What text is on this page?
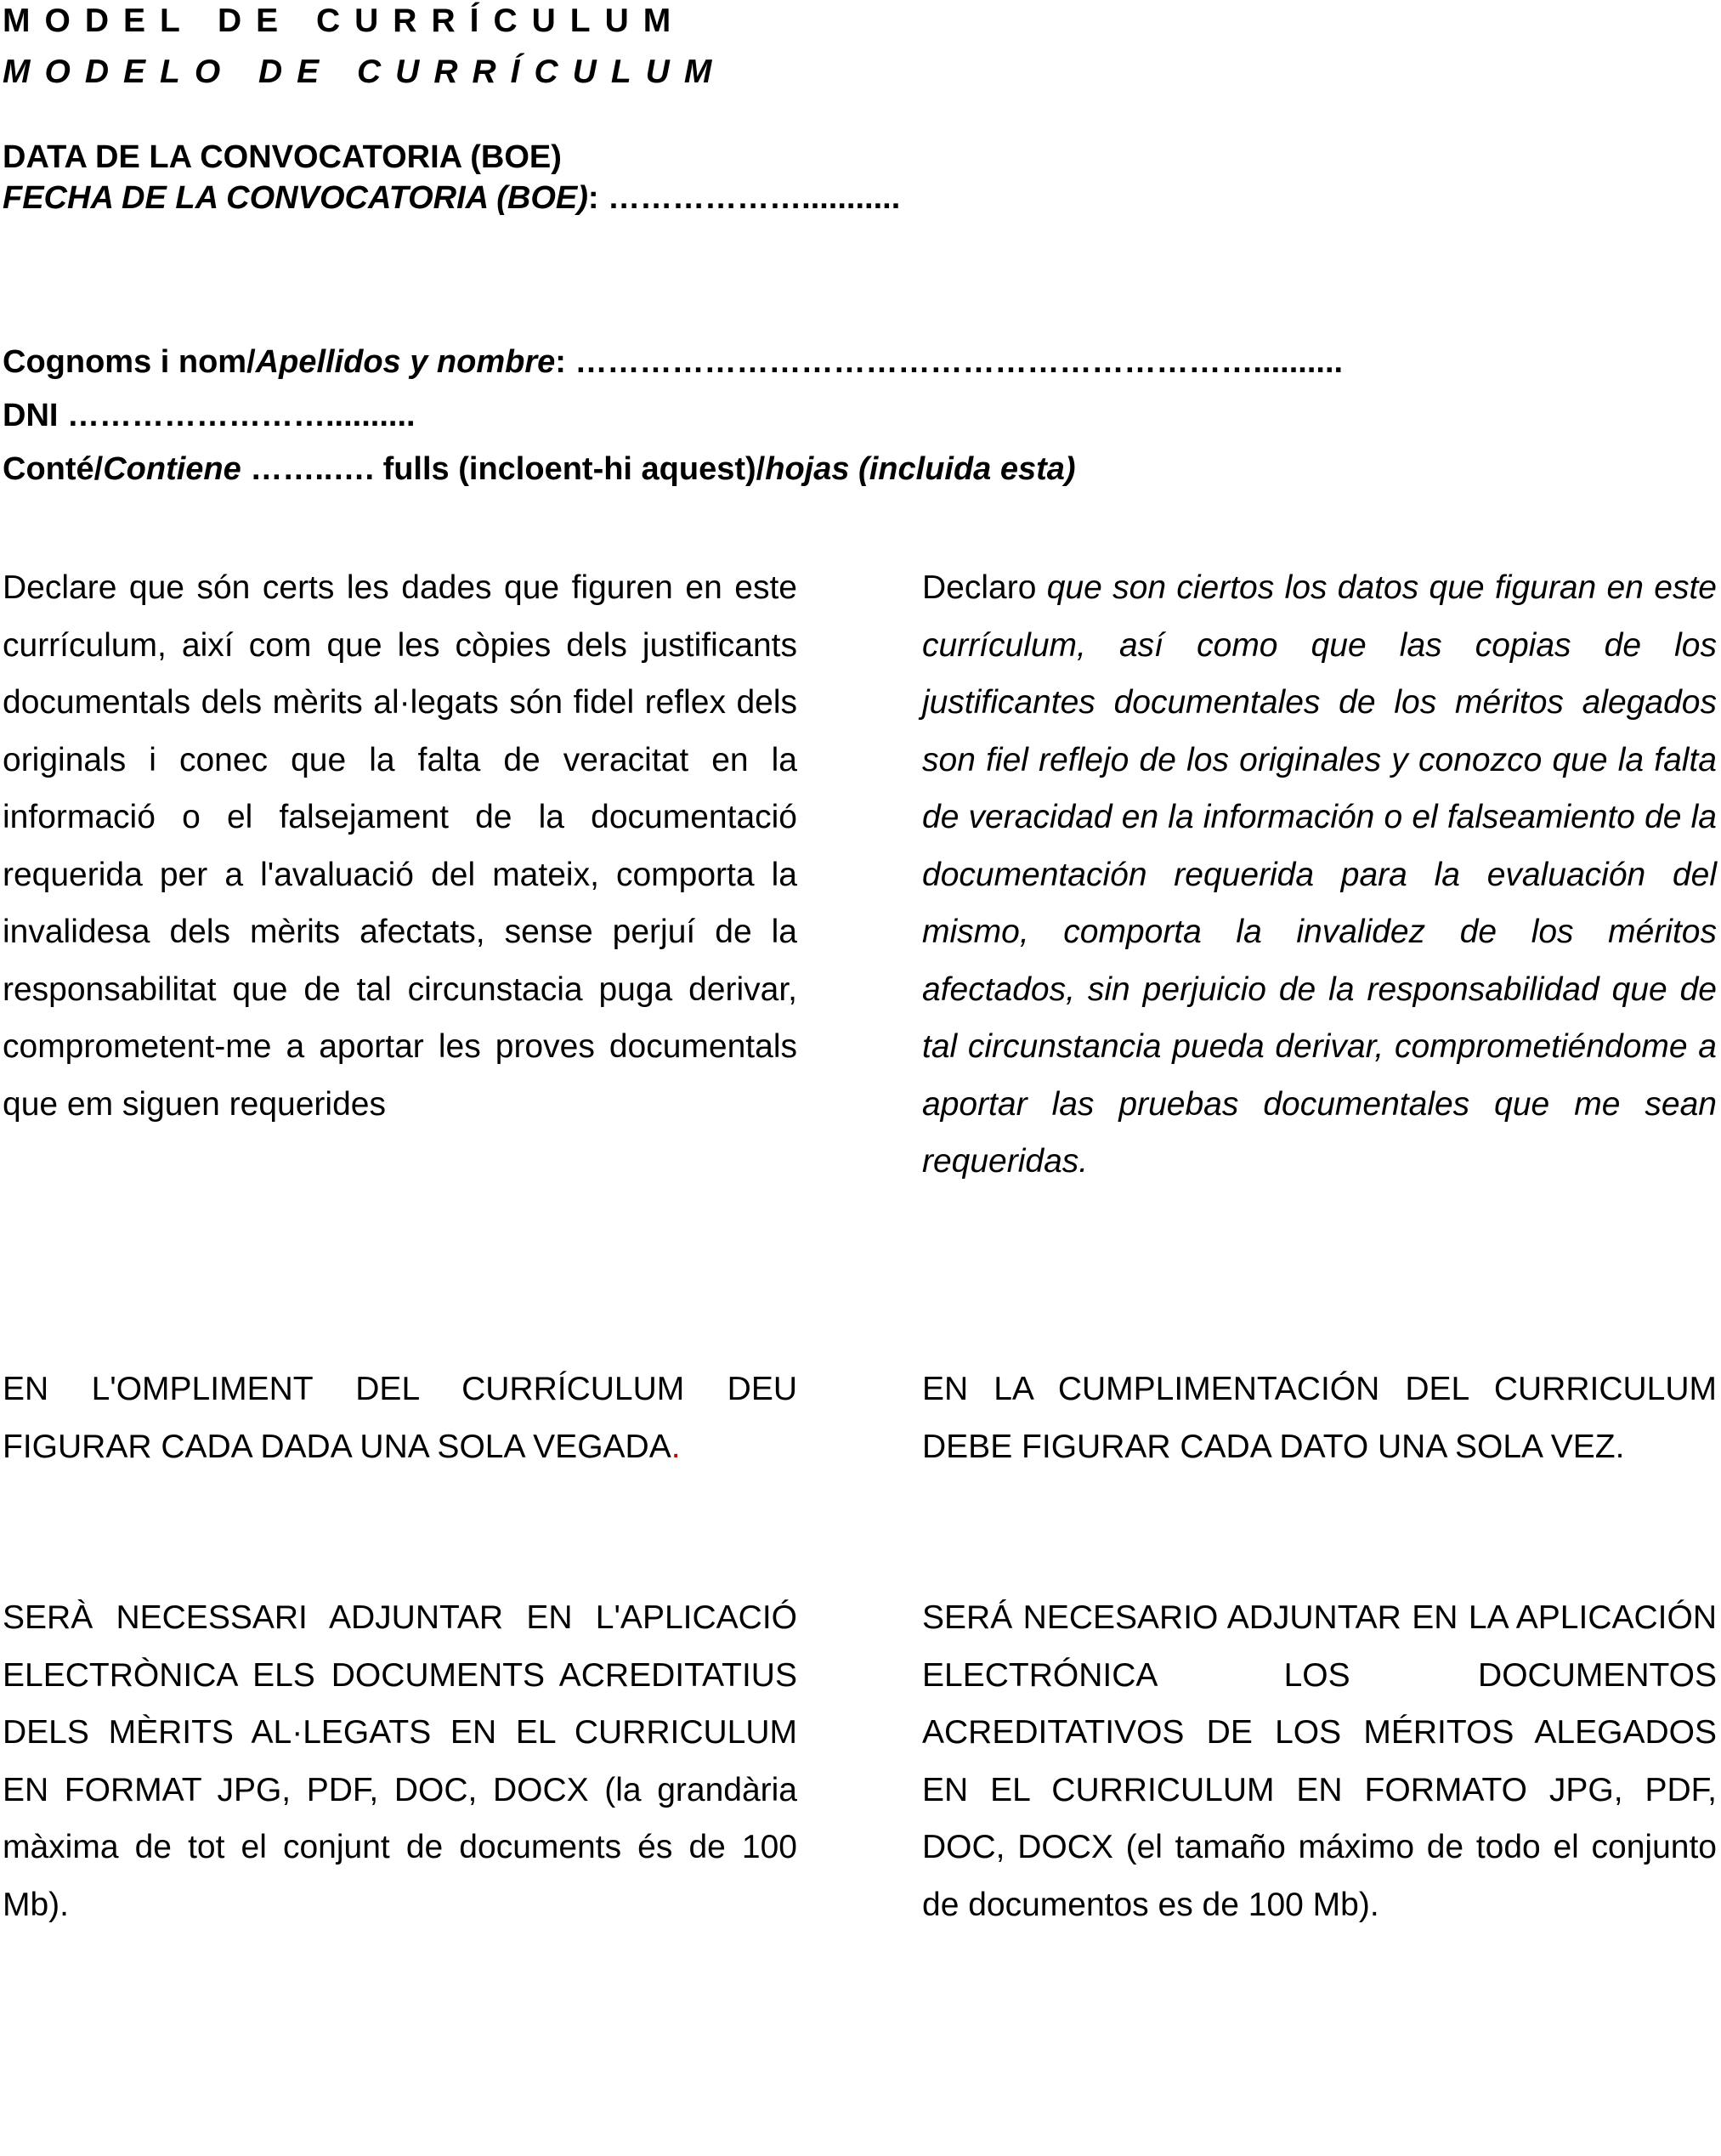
MODEL DE CURRÍCULUM
MODELO DE CURRÍCULUM
DATA DE LA CONVOCATORIA (BOE)
FECHA DE LA CONVOCATORIA (BOE): ………………...........
Cognoms i nom/Apellidos y nombre: ………………………………………………………..........
DNI ……………………..........
Conté/Contiene ……..…. fulls (incloent-hi aquest)/hojas (incluida esta)
Declare que són certs les dades que figuren en este currículum, així com que les còpies dels justificants documentals dels mèrits al·legats són fidel reflex dels originals i conec que la falta de veracitat en la informació o el falsejament de la documentació requerida per a l'avaluació del mateix, comporta la invalidesa dels mèrits afectats, sense perjuí de la responsabilitat que de tal circunstacia puga derivar, comprometent-me a aportar les proves documentals que em siguen requerides
Declaro que son ciertos los datos que figuran en este currículum, así como que las copias de los justificantes documentales de los méritos alegados son fiel reflejo de los originales y conozco que la falta de veracidad en la información o el falseamiento de la documentación requerida para la evaluación del mismo, comporta la invalidez de los méritos afectados, sin perjuicio de la responsabilidad que de tal circunstancia pueda derivar, comprometiéndome a aportar las pruebas documentales que me sean requeridas.
EN L'OMPLIMENT DEL CURRÍCULUM DEU FIGURAR CADA DADA UNA SOLA VEGADA.
EN LA CUMPLIMENTACIÓN DEL CURRICULUM DEBE FIGURAR CADA DATO UNA SOLA VEZ.
SERÀ NECESSARI ADJUNTAR EN L'APLICACIÓ ELECTRÒNICA ELS DOCUMENTS ACREDITATIUS DELS MÈRITS AL·LEGATS EN EL CURRICULUM EN FORMAT JPG, PDF, DOC, DOCX (la grandària màxima de tot el conjunt de documents és de 100 Mb).
SERÁ NECESARIO ADJUNTAR EN LA APLICACIÓN ELECTRÓNICA LOS DOCUMENTOS ACREDITATIVOS DE LOS MÉRITOS ALEGADOS EN EL CURRICULUM EN FORMATO JPG, PDF, DOC, DOCX (el tamaño máximo de todo el conjunto de documentos es de 100 Mb).
